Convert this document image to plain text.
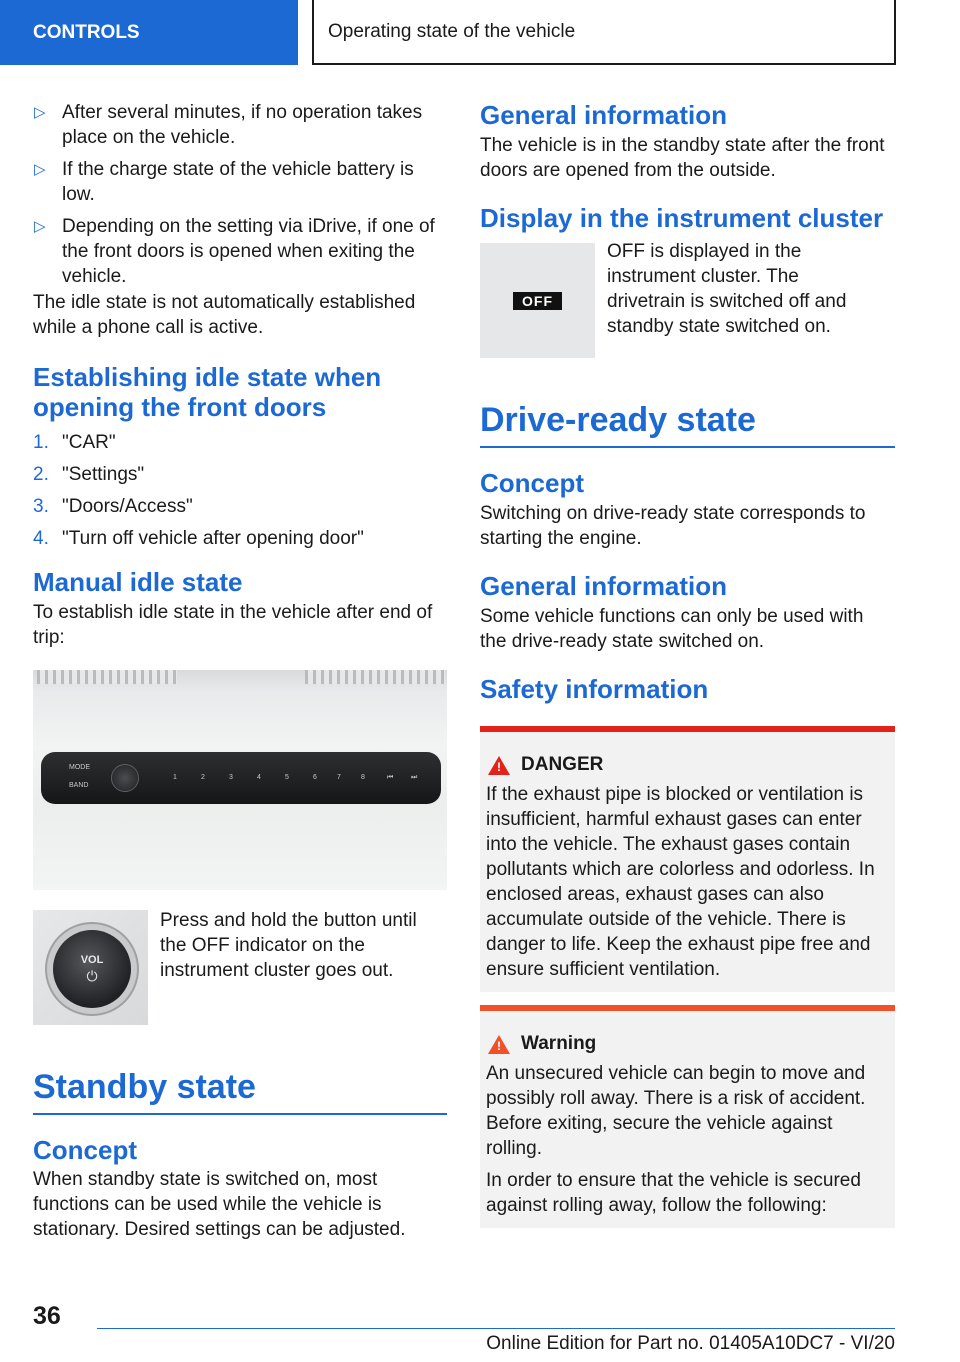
CONTROLS	Operating state of the vehicle
▷ After several minutes, if no operation takes place on the vehicle.
▷ If the charge state of the vehicle battery is low.
▷ Depending on the setting via iDrive, if one of the front doors is opened when exiting the vehicle.

The idle state is not automatically established while a phone call is active.

Establishing idle state when opening the front doors
1. "CAR"
2. "Settings"
3. "Doors/Access"
4. "Turn off vehicle after opening door"
Manual idle state

To establish idle state in the vehicle after end of trip:

MODE
BAND
1	2	3	4	5	6	7	8	⏮	⏭
VOL
⏻

Press and hold the button until the OFF indicator on the instrument cluster goes out.

Standby state
Concept

When standby state is switched on, most functions can be used while the vehicle is stationary. Desired settings can be adjusted.

General information

The vehicle is in the standby state after the front doors are opened from the outside.

Display in the instrument cluster
OFF

OFF is displayed in the instrument cluster. The drivetrain is switched off and standby state switched on.

Drive-ready state
Concept

Switching on drive-ready state corresponds to starting the engine.

General information

Some vehicle functions can only be used with the drive-ready state switched on.

Safety information
!
DANGER

If the exhaust pipe is blocked or ventilation is insufficient, harmful exhaust gases can enter into the vehicle. The exhaust gases contain pollutants which are colorless and odorless. In enclosed areas, exhaust gases can also accumulate outside of the vehicle. There is danger to life. Keep the exhaust pipe free and ensure sufficient ventilation.

!
Warning

An unsecured vehicle can begin to move and possibly roll away. There is a risk of accident. Before exiting, secure the vehicle against rolling.

In order to ensure that the vehicle is secured against rolling away, follow the following:

36
Online Edition for Part no. 01405A10DC7 - VI/20
